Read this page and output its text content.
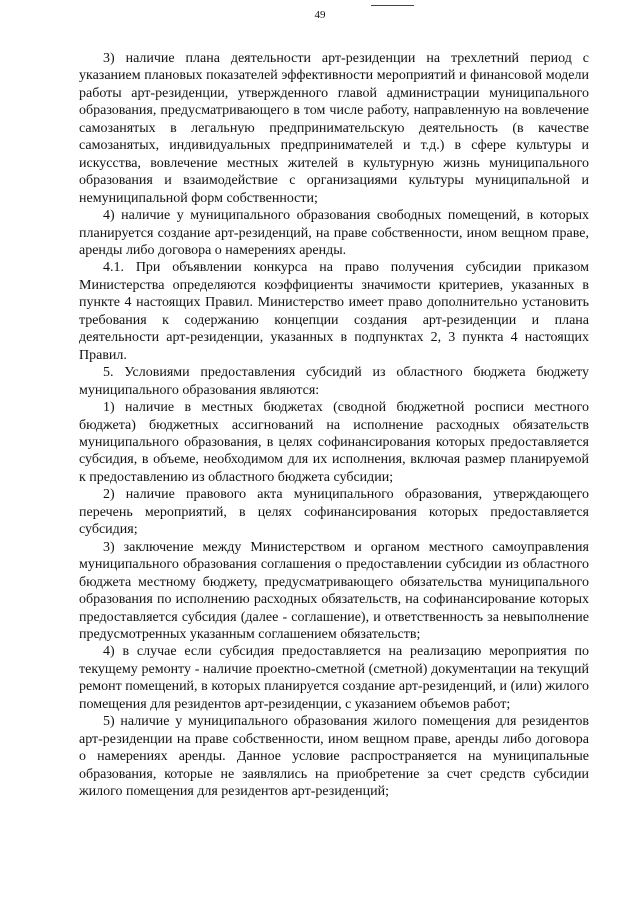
49

3) наличие плана деятельности арт-резиденции на трехлетний период с указанием плановых показателей эффективности мероприятий и финансовой модели работы арт-резиденции, утвержденного главой администрации муниципального образования, предусматривающего в том числе работу, направленную на вовлечение самозанятых в легальную предпринимательскую деятельность (в качестве самозанятых, индивидуальных предпринимателей и т.д.) в сфере культуры и искусства, вовлечение местных жителей в культурную жизнь муниципального образования и взаимодействие с организациями культуры муниципальной и немуниципальной форм собственности;

4) наличие у муниципального образования свободных помещений, в которых планируется создание арт-резиденций, на праве собственности, ином вещном праве, аренды либо договора о намерениях аренды.

4.1. При объявлении конкурса на право получения субсидии приказом Министерства определяются коэффициенты значимости критериев, указанных в пункте 4 настоящих Правил. Министерство имеет право дополнительно установить требования к содержанию концепции создания арт-резиденции и плана деятельности арт-резиденции, указанных в подпунктах 2, 3 пункта 4 настоящих Правил.

5. Условиями предоставления субсидий из областного бюджета бюджету муниципального образования являются:

1) наличие в местных бюджетах (сводной бюджетной росписи местного бюджета) бюджетных ассигнований на исполнение расходных обязательств муниципального образования, в целях софинансирования которых предоставляется субсидия, в объеме, необходимом для их исполнения, включая размер планируемой к предоставлению из областного бюджета субсидии;

2) наличие правового акта муниципального образования, утверждающего перечень мероприятий, в целях софинансирования которых предоставляется субсидия;

3) заключение между Министерством и органом местного самоуправления муниципального образования соглашения о предоставлении субсидии из областного бюджета местному бюджету, предусматривающего обязательства муниципального образования по исполнению расходных обязательств, на софинансирование которых предоставляется субсидия (далее - соглашение), и ответственность за невыполнение предусмотренных указанным соглашением обязательств;

4) в случае если субсидия предоставляется на реализацию мероприятия по текущему ремонту - наличие проектно-сметной (сметной) документации на текущий ремонт помещений, в которых планируется создание арт-резиденций, и (или) жилого помещения для резидентов арт-резиденции, с указанием объемов работ;

5) наличие у муниципального образования жилого помещения для резидентов арт-резиденции на праве собственности, ином вещном праве, аренды либо договора о намерениях аренды. Данное условие распространяется на муниципальные образования, которые не заявлялись на приобретение за счет средств субсидии жилого помещения для резидентов арт-резиденций;
